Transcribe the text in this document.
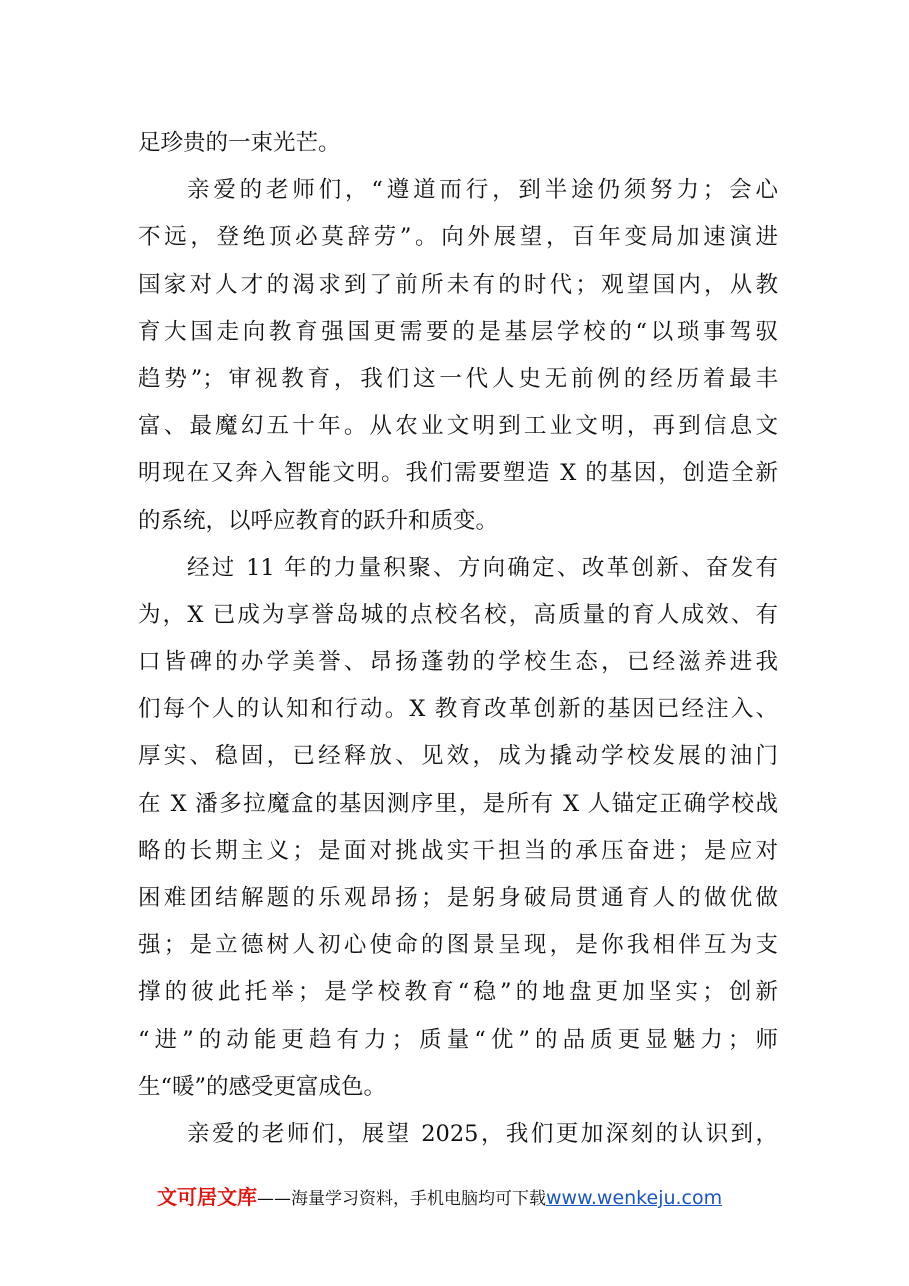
足珍贵的一束光芒。
亲爱的老师们，“遵道而行，到半途仍须努力；会心
不远，登绝顶必莫辞劳”。向外展望，百年变局加速演进
国家对人才的渴求到了前所未有的时代；观望国内，从教
育大国走向教育强国更需要的是基层学校的“以琐事驾驭
趋势”；审视教育，我们这一代人史无前例的经历着最丰
富、最魔幻五十年。从农业文明到工业文明，再到信息文
明现在又奔入智能文明。我们需要塑造 X 的基因，创造全新
的系统，以呼应教育的跃升和质变。
经过 11 年的力量积聚、方向确定、改革创新、奋发有
为，X 已成为享誉岛城的点校名校，高质量的育人成效、有
口皆碑的办学美誉、昂扬蓬勃的学校生态，已经滋养进我
们每个人的认知和行动。X 教育改革创新的基因已经注入、
厚实、稳固，已经释放、见效，成为撬动学校发展的油门
在 X 潘多拉魔盒的基因测序里，是所有 X 人锚定正确学校战
略的长期主义；是面对挑战实干担当的承压奋进；是应对
困难团结解题的乐观昂扬；是躬身破局贯通育人的做优做
强；是立德树人初心使命的图景呈现，是你我相伴互为支
撑的彼此托举；是学校教育“稳”的地盘更加坚实；创新
“进”的动能更趋有力；质量“优”的品质更显魅力；师
生“暖”的感受更富成色。
亲爱的老师们，展望 2025，我们更加深刻的认识到，
文可居文库——海量学习资料，手机电脑均可下载www.wenkeju.com
